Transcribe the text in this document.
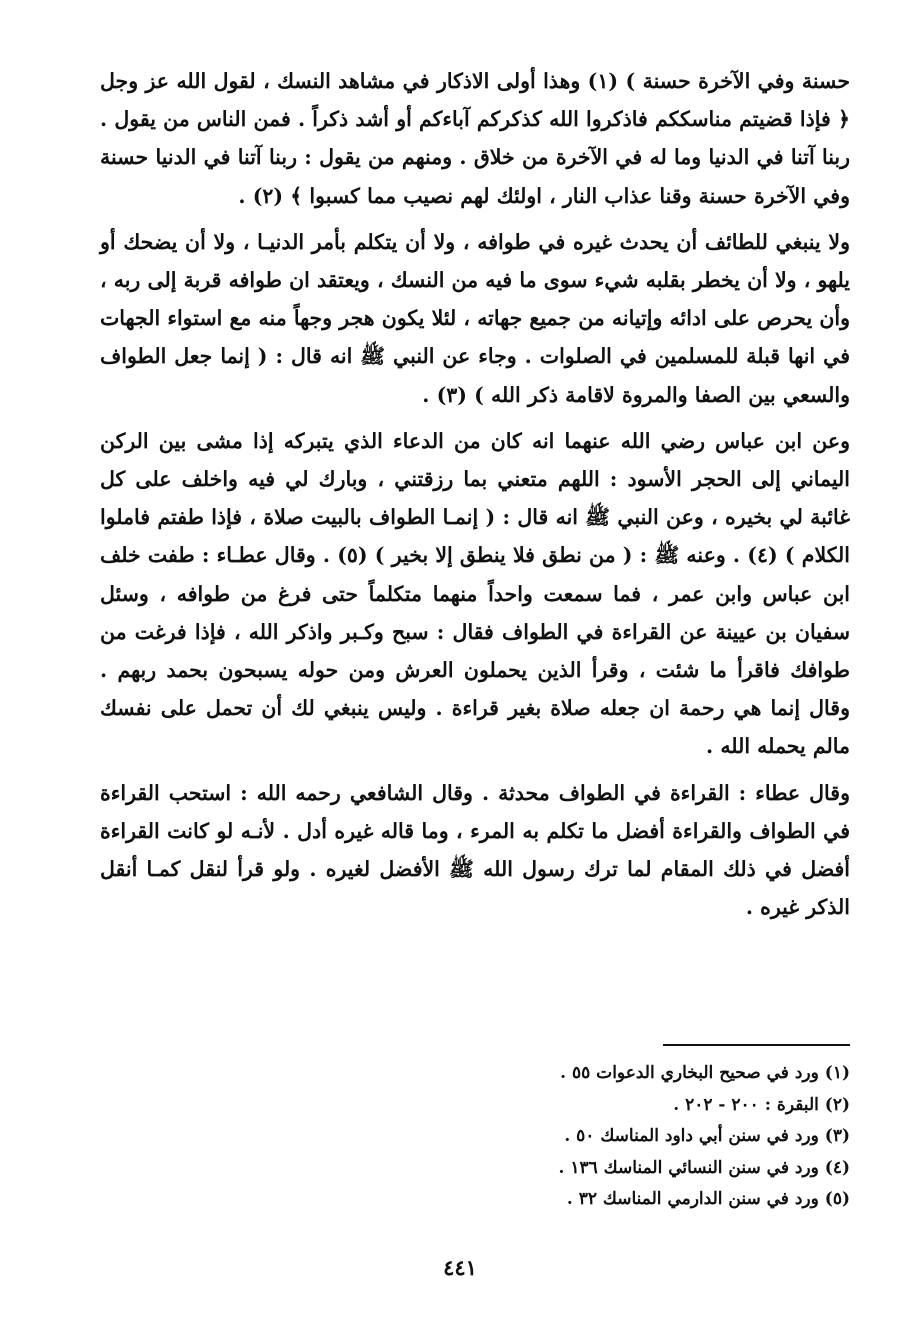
حسنة وفي الآخرة حسنة ) (١) وهذا أولى الاذكار في مشاهد النسك ، لقول الله عز وجل ﴿ فإذا قضيتم مناسككم فاذكروا الله كذكركم آباءكم أو أشد ذكراً . فمن الناس من يقول . ربنا آتنا في الدنيا وما له في الآخرة من خلاق . ومنهم من يقول : ربنا آتنا في الدنيا حسنة وفي الآخرة حسنة وقنا عذاب النار ، اولئك لهم نصيب مما كسبوا ﴾ (٢) .

ولا ينبغي للطائف أن يحدث غيره في طوافه ، ولا أن يتكلم بأمر الدنيـا ، ولا أن يضحك أو يلهو ، ولا أن يخطر بقلبه شيء سوى ما فيه من النسك ، ويعتقد ان طوافه قربة إلى ربه ، وأن يحرص على ادائه وإتيانه من جميع جهاته ، لئلا يكون هجر وجهاً منه مع استواء الجهات في انها قبلة للمسلمين في الصلوات . وجاء عن النبي ﷺ انه قال : ( إنما جعل الطواف والسعي بين الصفا والمروة لاقامة ذكر الله ) (٣) .

وعن ابن عباس رضي الله عنهما انه كان من الدعاء الذي يتبركه إذا مشى بين الركن اليماني إلى الحجر الأسود : اللهم متعني بما رزقتني ، وبارك لي فيه واخلف على كل غائبة لي بخيره ، وعن النبي ﷺ انه قال : ( إنمـا الطواف بالبيت صلاة ، فإذا طفتم فاملوا الكلام ) (٤) . وعنه ﷺ : ( من نطق فلا ينطق إلا بخير ) (٥) . وقال عطـاء : طفت خلف ابن عباس وابن عمر ، فما سمعت واحداً منهما متكلماً حتى فرغ من طوافه ، وسئل سفيان بن عيينة عن القراءة في الطواف فقال : سبح وكـبر واذكر الله ، فإذا فرغت من طوافك فاقرأ ما شئت ، وقرأ الذين يحملون العرش ومن حوله يسبحون بحمد ربهم . وقال إنما هي رحمة ان جعله صلاة بغير قراءة . وليس ينبغي لك أن تحمل على نفسك مالم يحمله الله .

وقال عطاء : القراءة في الطواف محدثة . وقال الشافعي رحمه الله : استحب القراءة في الطواف والقراءة أفضل ما تكلم به المرء ، وما قاله غيره أدل . لأنـه لو كانت القراءة أفضل في ذلك المقام لما ترك رسول الله ﷺ الأفضل لغيره . ولو قرأ لنقل كمـا أنقل الذكر غيره .

(١) ورد في صحيح البخاري الدعوات ٥٥ .
(٢) البقرة : ٢٠٠ - ٢٠٢ .
(٣) ورد في سنن أبي داود المناسك ٥٠ .
(٤) ورد في سنن النسائي المناسك ١٣٦ .
(٥) ورد في سنن الدارمي المناسك ٣٢ .
٤٤١
